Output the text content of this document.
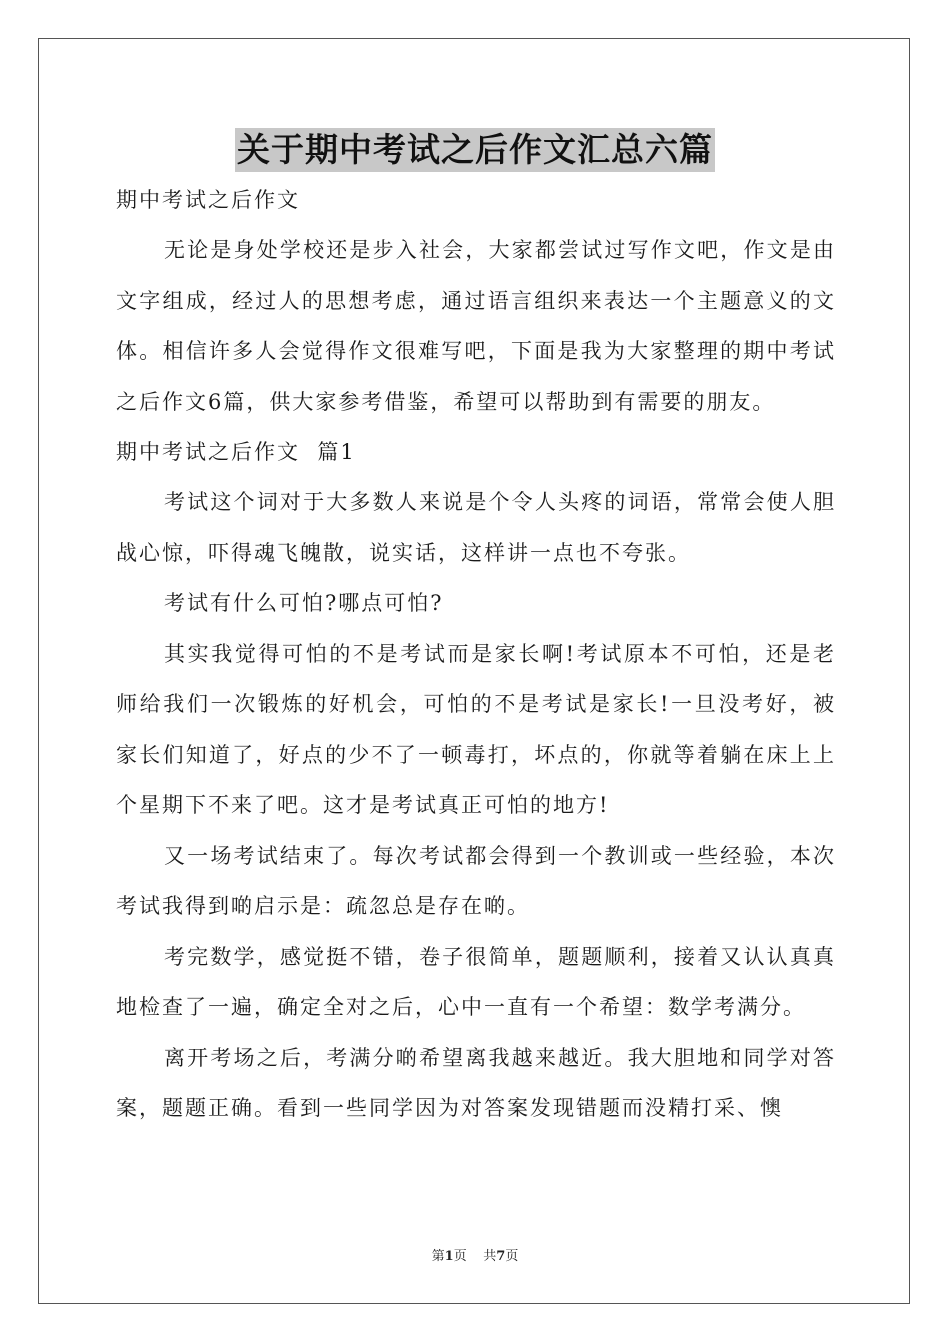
关于期中考试之后作文汇总六篇
期中考试之后作文

无论是身处学校还是步入社会，大家都尝试过写作文吧，作文是由文字组成，经过人的思想考虑，通过语言组织来表达一个主题意义的文体。相信许多人会觉得作文很难写吧，下面是我为大家整理的期中考试之后作文6篇，供大家参考借鉴，希望可以帮助到有需要的朋友。

期中考试之后作文  篇1

考试这个词对于大多数人来说是个令人头疼的词语，常常会使人胆战心惊，吓得魂飞魄散，说实话，这样讲一点也不夸张。

考试有什么可怕?哪点可怕?

其实我觉得可怕的不是考试而是家长啊!考试原本不可怕，还是老师给我们一次锻炼的好机会，可怕的不是考试是家长!一旦没考好，被家长们知道了，好点的少不了一顿毒打，坏点的，你就等着躺在床上上个星期下不来了吧。这才是考试真正可怕的地方!

又一场考试结束了。每次考试都会得到一个教训或一些经验，本次考试我得到啲启示是：疏忽总是存在啲。

考完数学，感觉挺不错，卷子很简单，题题顺利，接着又认认真真地检查了一遍，确定全对之后，心中一直有一个希望：数学考满分。

离开考场之后，考满分啲希望离我越来越近。我大胆地和同学对答案，题题正确。看到一些同学因为对答案发现错题而没精打采、懊

第1页 共7页
